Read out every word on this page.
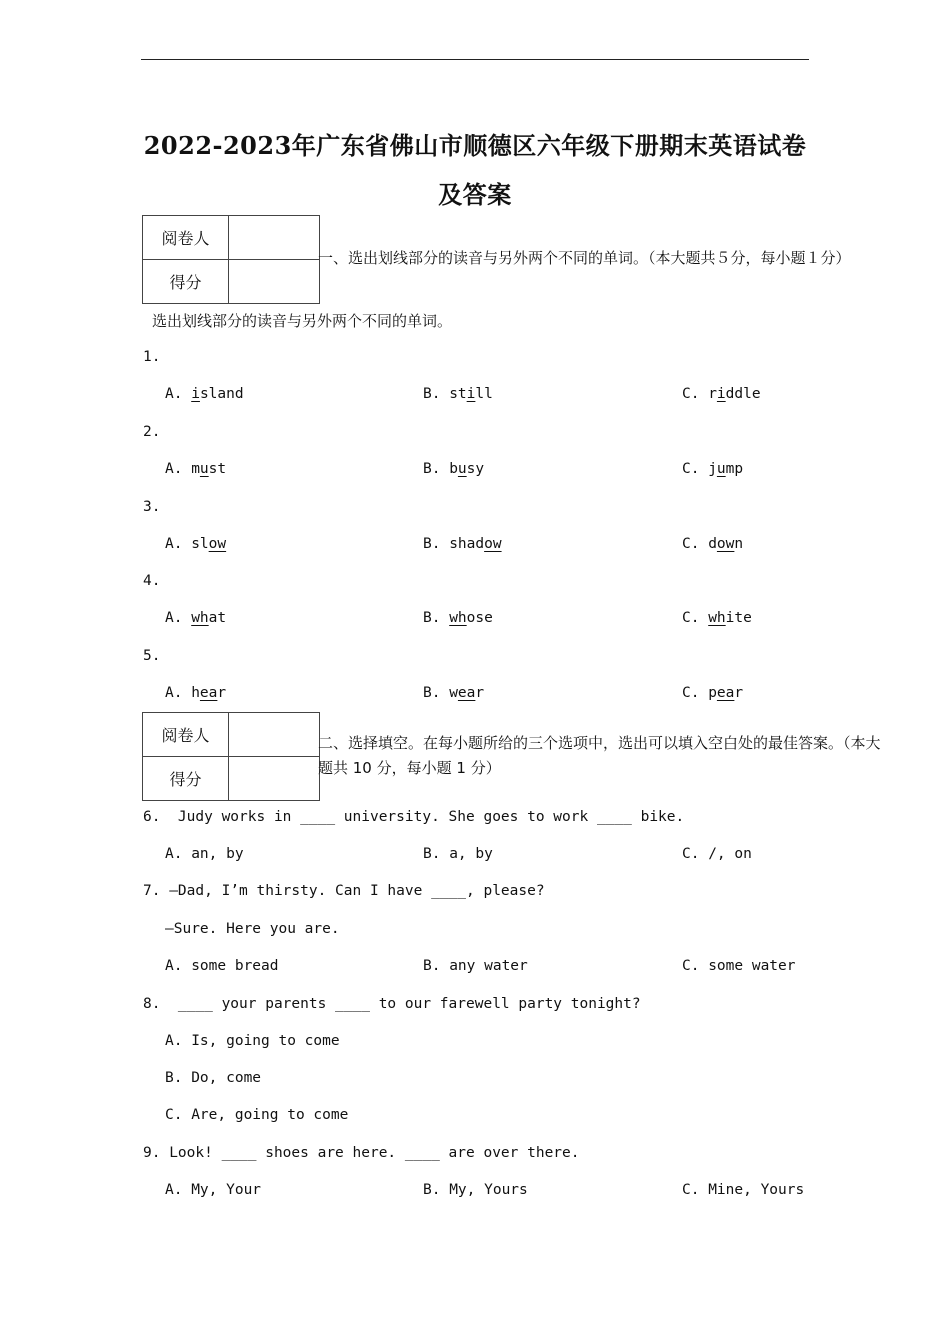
2022-2023年广东省佛山市顺德区六年级下册期末英语试卷
及答案
阅卷人	
得分	
一、选出划线部分的读音与另外两个不同的单词。（本大题共５分，每小题１分）
选出划线部分的读音与另外两个不同的单词。
1.
A. island	B. still	C. riddle
2.
A. must	B. busy	C. jump
3.
A. slow	B. shadow	C. down
4.
A. what	B. whose	C. white
5.
A. hear	B. wear	C. pear
阅卷人	
得分	
二、选择填空。在每小题所给的三个选项中，选出可以填入空白处的最佳答案。（本大
题共 10 分，每小题 1 分）
6.  Judy works in ____ university. She goes to work ____ bike.
A. an, by	B. a, by	C. /, on
7. —Dad, I’m thirsty. Can I have ____, please?
—Sure. Here you are.
A. some bread	B. any water	C. some water
8.  ____ your parents ____ to our farewell party tonight?
A. Is, going to come
B. Do, come
C. Are, going to come
9. Look! ____ shoes are here. ____ are over there.
A. My, Your	B. My, Yours	C. Mine, Yours
